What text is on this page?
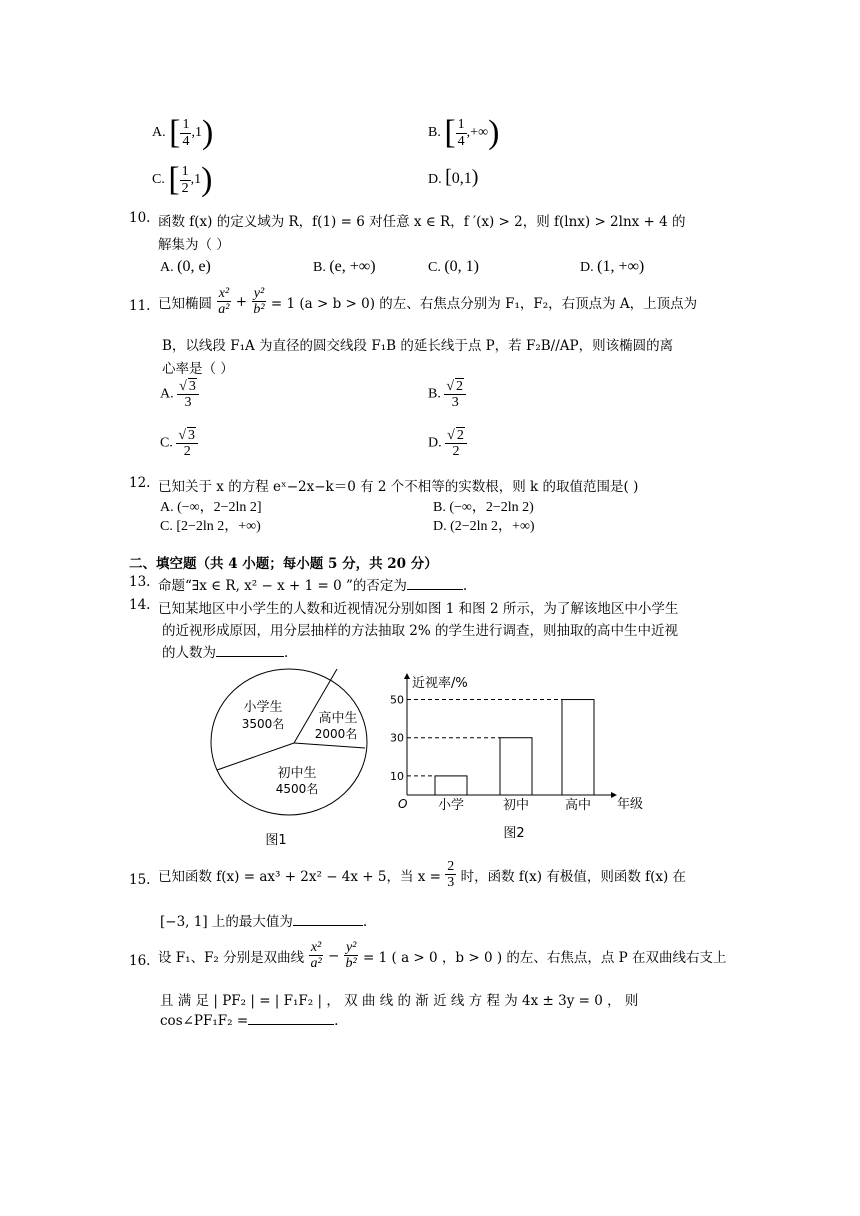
A. [ $\frac{1}{4} ,1$)	B. [ $\frac{1}{4}$ ,+∞)
C. [ $\frac{1}{2} ,1$)	D. [0,1)
10. 函数 f(x) 的定义域为 R，f(1) = 6 对任意 x ∈ R，f ′(x) > 2，则 f(lnx) > 2lnx + 4 的
解集为（ ）
A. (0, e)	B. (e, +∞)	C. (0, 1)	D. (1, +∞)
11. 已知椭圆 $\frac{\text{x²}}{\text{a²}} + \frac{\text{y²}}{\text{b²}} = 1$ (a > b > 0) 的左、右焦点分别为 F₁，F₂，右顶点为 A，上顶点为
B，以线段 F₁A 为直径的圆交线段 F₁B 的延长线于点 P，若 F₂B//AP，则该椭圆的离
心率是（ ）
A. $\frac{√ 3}{3}$	B. $\frac{√ 2}{3}$
C. $\frac{√ 3}{2}$	D. $\frac{√ 2}{2}$
12. 已知关于 x 的方程 eˣ−2x−k＝0 有 2 个不相等的实数根，则 k 的取值范围是( )
A. (−∞，2−2ln 2]	B. (−∞，2−2ln 2)
C. [2−2ln 2，+∞)	D. (2−2ln 2，+∞)
二、填空题（共 4 小题；每小题 5 分，共 20 分）
13. 命题“∃x ∈ R, x² − x + 1 = 0 ”的否定为	.
14. 已知某地区中小学生的人数和近视情况分别如图 1 和图 2 所示，为了解该地区中小学生
的近视形成原因，用分层抽样的方法抽取 2% 的学生进行调查，则抽取的高中生中近视
的人数为	.
小学生
3500名	高中生
2000名
初中生
4500名
图1
近视率/%
年级
O
10
小学
30
初中
50
高中
图2
15. 已知函数 f(x) = ax³ + 2x² − 4x + 5，当 $x = \frac{2}{3}$ 时，函数 f(x) 有极值，则函数 f(x) 在
[−3, 1] 上的最大值为	.
16. 设 F₁、F₂ 分别是双曲线 $\frac{\text{x²}}{\text{a²}} - \frac{\text{y²}}{\text{b²}} = 1$ ( a > 0 ，b > 0 ) 的左、右焦点，点 P 在双曲线右支上
且 满 足 | PF₂ | = | F₁F₂ | ， 双 曲 线 的 渐 近 线 方 程 为 4x ± 3y = 0 ， 则
cos∠PF₁F₂ =	.
